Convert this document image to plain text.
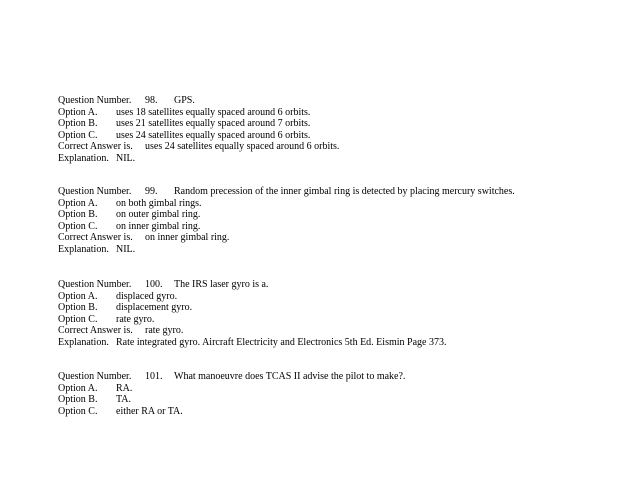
Question Number. 98. GPS.
Option A. uses 18 satellites equally spaced around 6 orbits.
Option B. uses 21 satellites equally spaced around 7 orbits.
Option C. uses 24 satellites equally spaced around 6 orbits.
Correct Answer is. uses 24 satellites equally spaced around 6 orbits.
Explanation. NIL.
Question Number. 99. Random precession of the inner gimbal ring is detected by placing mercury switches.
Option A. on both gimbal rings.
Option B. on outer gimbal ring.
Option C. on inner gimbal ring.
Correct Answer is. on inner gimbal ring.
Explanation. NIL.
Question Number. 100. The IRS laser gyro is a.
Option A. displaced gyro.
Option B. displacement gyro.
Option C. rate gyro.
Correct Answer is. rate gyro.
Explanation. Rate integrated gyro. Aircraft Electricity and Electronics 5th Ed. Eismin Page 373.
Question Number. 101. What manoeuvre does TCAS II advise the pilot to make?.
Option A. RA.
Option B. TA.
Option C. either RA or TA.
